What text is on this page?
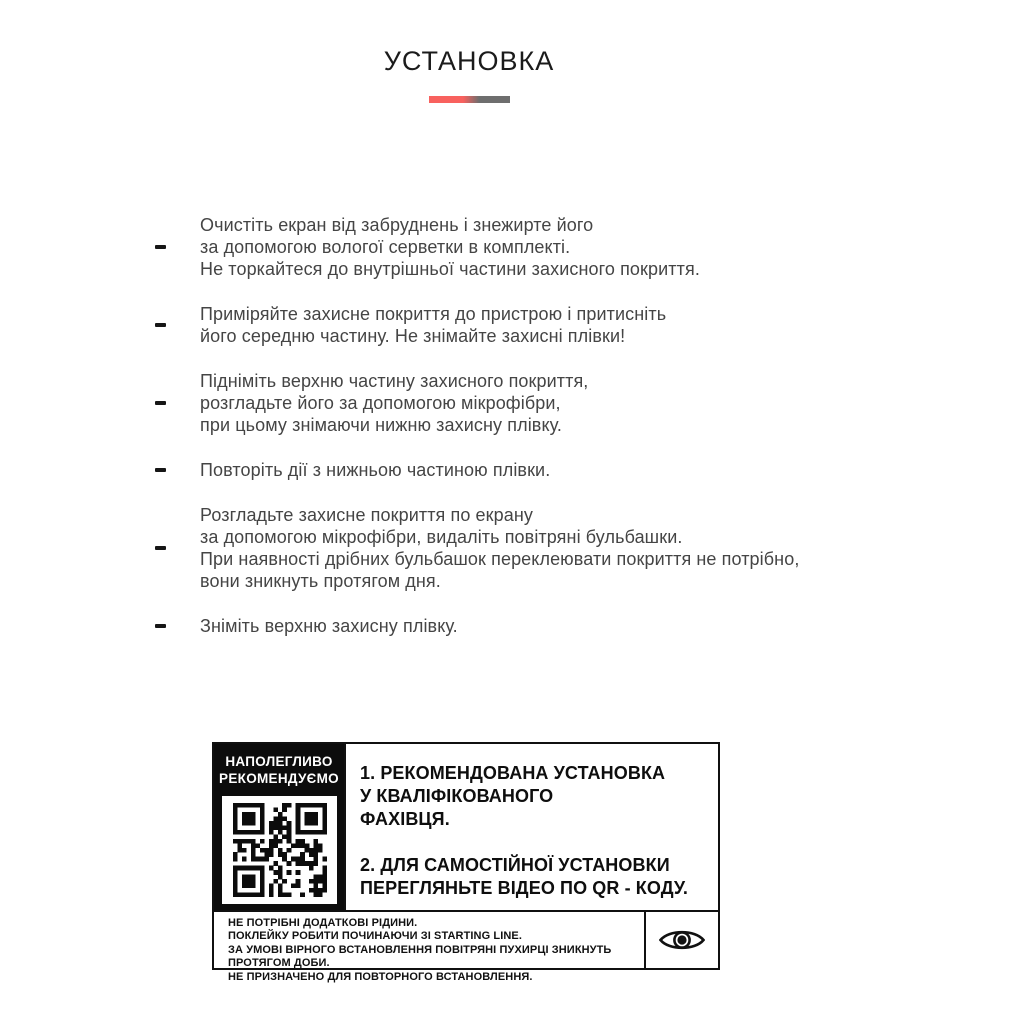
УСТАНОВКА
Очистіть екран від забруднень і знежирте його
за допомогою вологої серветки в комплекті.
Не торкайтеся до внутрішньої частини захисного покриття.
Приміряйте захисне покриття до пристрою і притисніть
його середню частину. Не знімайте захисні плівки!
Підніміть верхню частину захисного покриття,
розгладьте його за допомогою мікрофібри,
при цьому знімаючи нижню захисну плівку.
Повторіть дії з нижньою частиною плівки.
Розгладьте захисне покриття по екрану
за допомогою мікрофібри, видаліть повітряні бульбашки.
При наявності дрібних бульбашок переклеювати покриття не потрібно,
вони зникнуть протягом дня.
Зніміть верхню захисну плівку.
НАПОЛЕГЛИВО
РЕКОМЕНДУЄМО 1. РЕКОМЕНДОВАНА УСТАНОВКА
У КВАЛІФІКОВАНОГО
ФАХІВЦЯ.
2. ДЛЯ САМОСТІЙНОЇ УСТАНОВКИ
ПЕРЕГЛЯНЬТЕ ВІДЕО ПО QR - КОДУ.
НЕ ПОТРІБНІ ДОДАТКОВІ РІДИНИ.
ПОКЛЕЙКУ РОБИТИ ПОЧИНАЮЧИ ЗІ STARTING LINE.
ЗА УМОВІ ВІРНОГО ВСТАНОВЛЕННЯ ПОВІТРЯНІ ПУХИРЦІ ЗНИКНУТЬ ПРОТЯГОМ ДОБИ.
НЕ ПРИЗНАЧЕНО ДЛЯ ПОВТОРНОГО ВСТАНОВЛЕННЯ.
